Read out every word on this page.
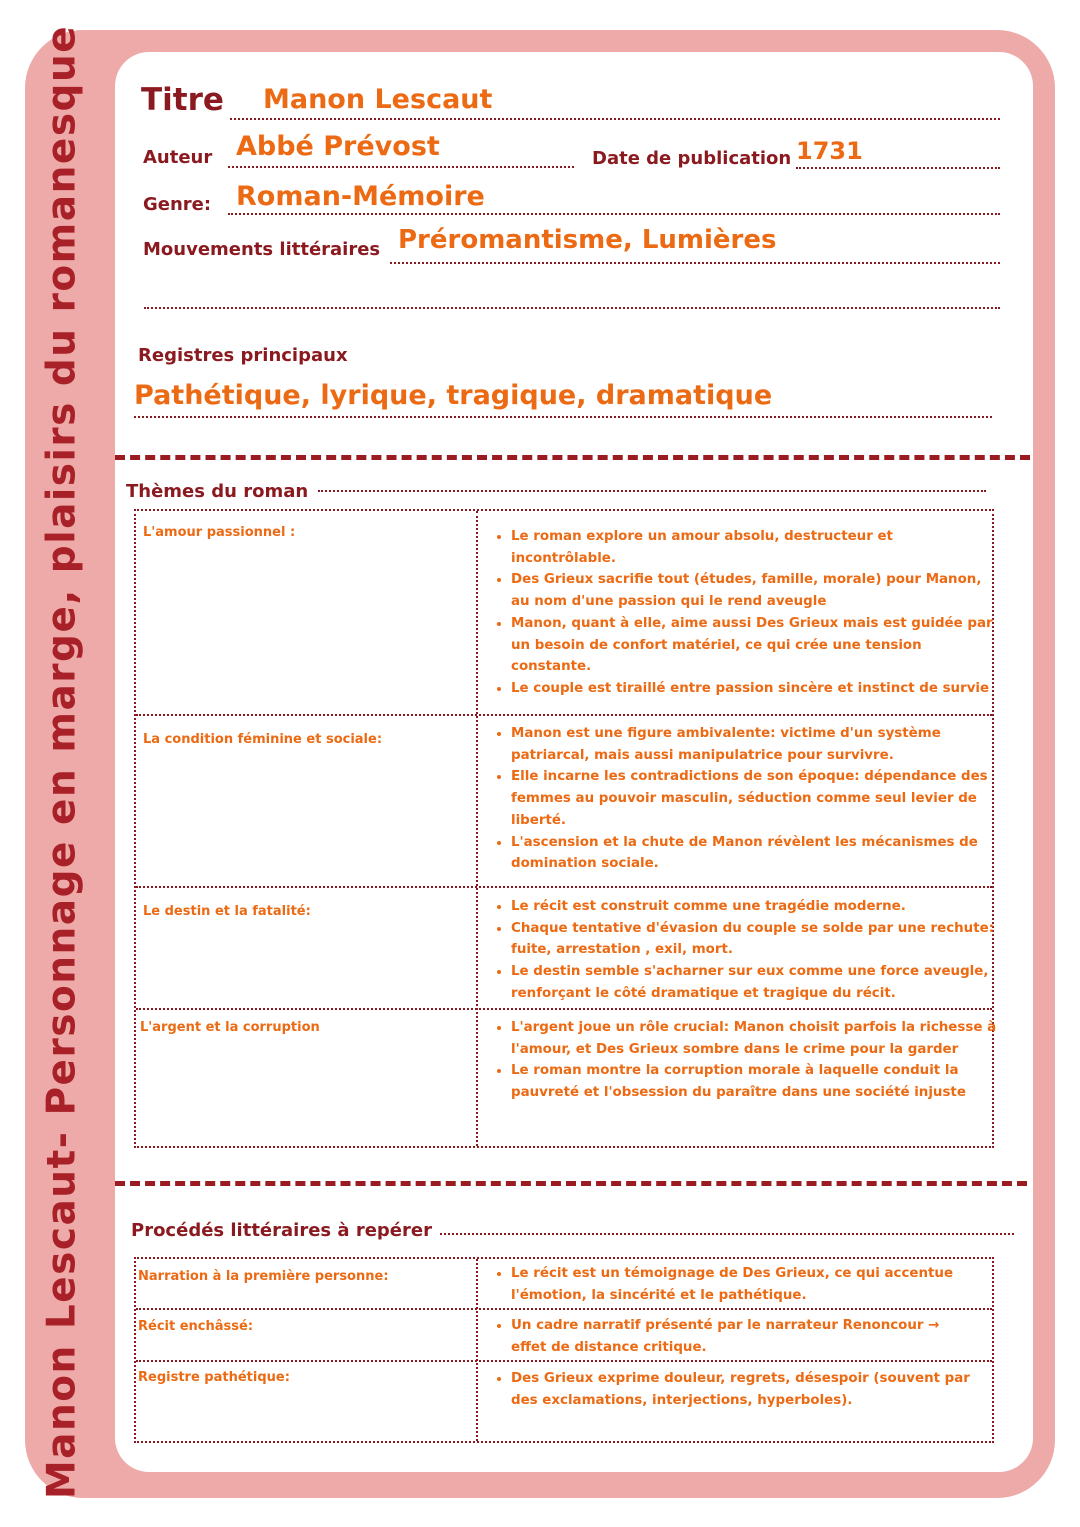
Manon Lescaut- Personnage en marge, plaisirs du romanesque Titre Manon Lescaut
Auteur Abbé Prévost	Date de publication 1731
Genre: Roman-Mémoire
Mouvements littéraires Préromantisme, Lumières
Registres principaux
Pathétique, lyrique, tragique, dramatique
Thèmes du roman
L'amour passionnel :	• Le roman explore un amour absolu, destructeur et incontrôlable.
• Des Grieux sacrifie tout (études, famille, morale) pour Manon, au nom d'une passion qui le rend aveugle
• Manon, quant à elle, aime aussi Des Grieux mais est guidée par un besoin de confort matériel, ce qui crée une tension constante.
• Le couple est tiraillé entre passion sincère et instinct de survie
La condition féminine et sociale:	• Manon est une figure ambivalente: victime d'un système patriarcal, mais aussi manipulatrice pour survivre.
• Elle incarne les contradictions de son époque: dépendance des femmes au pouvoir masculin, séduction comme seul levier de liberté.
• L'ascension et la chute de Manon révèlent les mécanismes de domination sociale.
Le destin et la fatalité:	• Le récit est construit comme une tragédie moderne.
• Chaque tentative d'évasion du couple se solde par une rechute: fuite, arrestation , exil, mort.
• Le destin semble s'acharner sur eux comme une force aveugle, renforçant le côté dramatique et tragique du récit.
L'argent et la corruption	• L'argent joue un rôle crucial: Manon choisit parfois la richesse à l'amour, et Des Grieux sombre dans le crime pour la garder
• Le roman montre la corruption morale à laquelle conduit la pauvreté et l'obsession du paraître dans une société injuste
Procédés littéraires à repérer
Narration à la première personne:	• Le récit est un témoignage de Des Grieux, ce qui accentue l'émotion, la sincérité et le pathétique.
Récit enchâssé:	• Un cadre narratif présenté par le narrateur Renoncour → effet de distance critique.
Registre pathétique:	• Des Grieux exprime douleur, regrets, désespoir (souvent par des exclamations, interjections, hyperboles).
